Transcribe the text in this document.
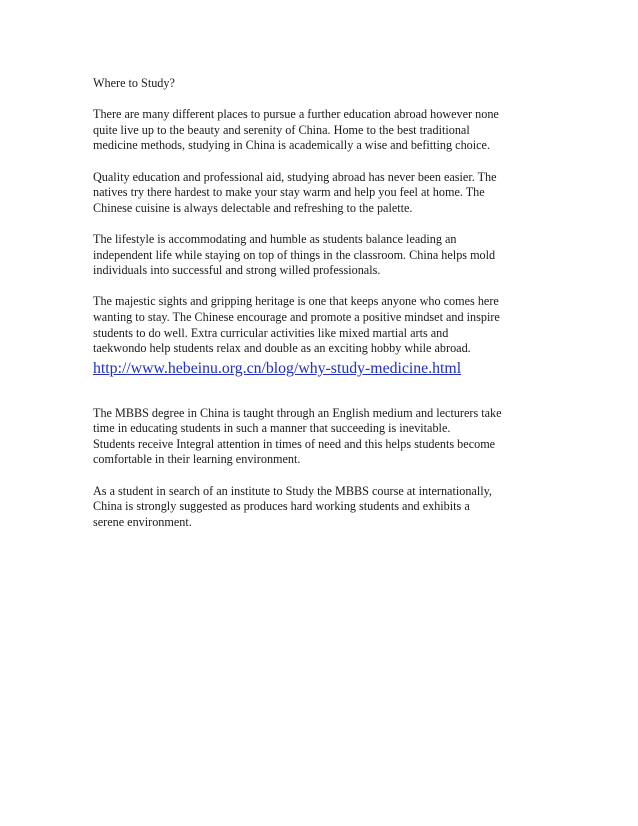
Where to Study?

There are many different places to pursue a further education abroad however none
quite live up to the beauty and serenity of China. Home to the best traditional
medicine methods, studying in China is academically a wise and befitting choice.

Quality education and professional aid, studying abroad has never been easier. The
natives try there hardest to make your stay warm and help you feel at home. The
Chinese cuisine is always delectable and refreshing to the palette.

The lifestyle is accommodating and humble as students balance leading an
independent life while staying on top of things in the classroom. China helps mold
individuals into successful and strong willed professionals.

The majestic sights and gripping heritage is one that keeps anyone who comes here
wanting to stay. The Chinese encourage and promote a positive mindset and inspire
students to do well. Extra curricular activities like mixed martial arts and
taekwondo help students relax and double as an exciting hobby while abroad.

http://www.hebeinu.org.cn/blog/why-study-medicine.html

The MBBS degree in China is taught through an English medium and lecturers take
time in educating students in such a manner that succeeding is inevitable.
Students receive Integral attention in times of need and this helps students become
comfortable in their learning environment.

As a student in search of an institute to Study the MBBS course at internationally,
China is strongly suggested as produces hard working students and exhibits a
serene environment.
